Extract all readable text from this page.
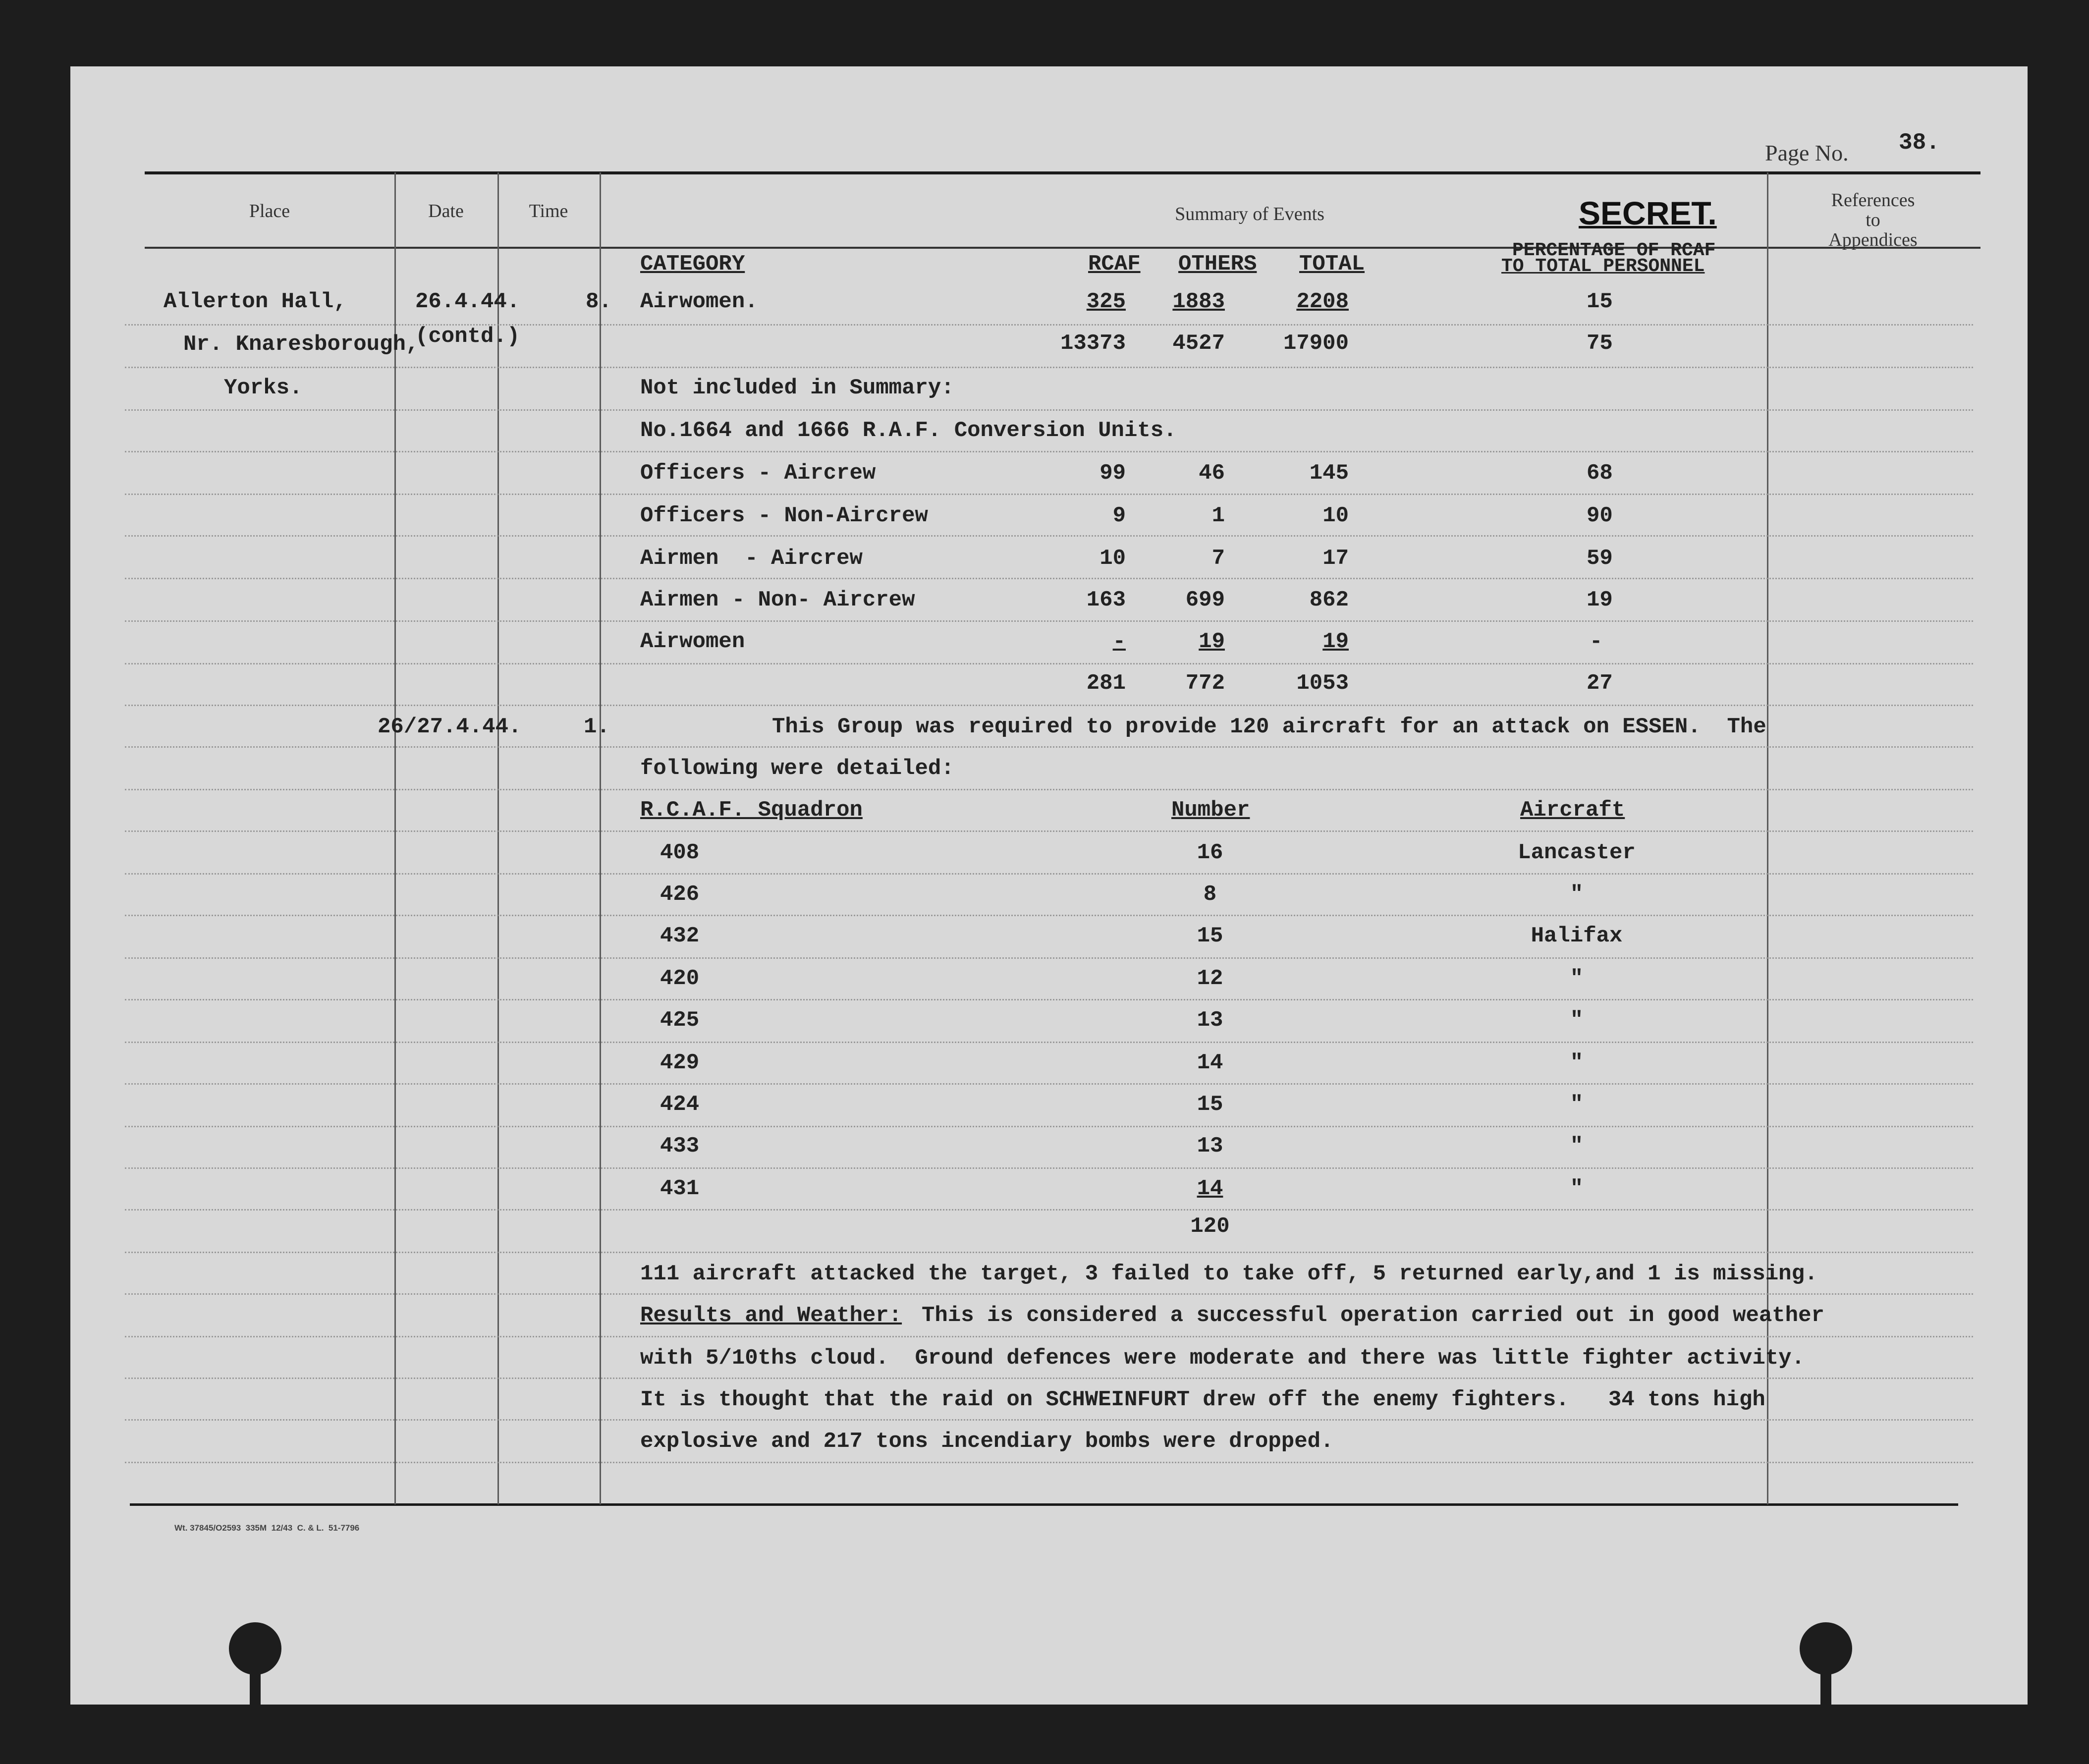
Page No. 38.
Place	Date	Time	Summary of Events	SECRET.	References
to
Appendices
Allerton Hall,
Nr. Knaresborough,
Yorks.
26.4.44.
(contd.)
8.
CATEGORY	RCAF OTHERS TOTAL
PERCENTAGE OF RCAF
TO TOTAL PERSONNEL
Airwomen.	325	1883	2208	15
13373	4527	17900	75
Not included in Summary:
No.1664 and 1666 R.A.F. Conversion Units.
Officers - Aircrew	99	46	145	68
Officers - Non-Aircrew	9	1	10	90
Airmen  - Aircrew	10	7	17	59
Airmen - Non- Aircrew	163	699	862	19
Airwomen	-	19	19	-
281	772	1053	27
26/27.4.44.	1.	This Group was required to provide 120 aircraft for an attack on ESSEN.  The
following were detailed:
R.C.A.F. Squadron	Number	Aircraft
408	16	Lancaster
426	8	"
432	15	Halifax
420	12	"
425	13	"
429	14	"
424	15	"
433	13	"
431	14	"
120
111 aircraft attacked the target, 3 failed to take off, 5 returned early,and 1 is missing.
Results and Weather: This is considered a successful operation carried out in good weather
with 5/10ths cloud.  Ground defences were moderate and there was little fighter activity.
It is thought that the raid on SCHWEINFURT drew off the enemy fighters.   34 tons high
explosive and 217 tons incendiary bombs were dropped.
Wt. 37845/O2593  335M  12/43  C. & L.  51-7796
